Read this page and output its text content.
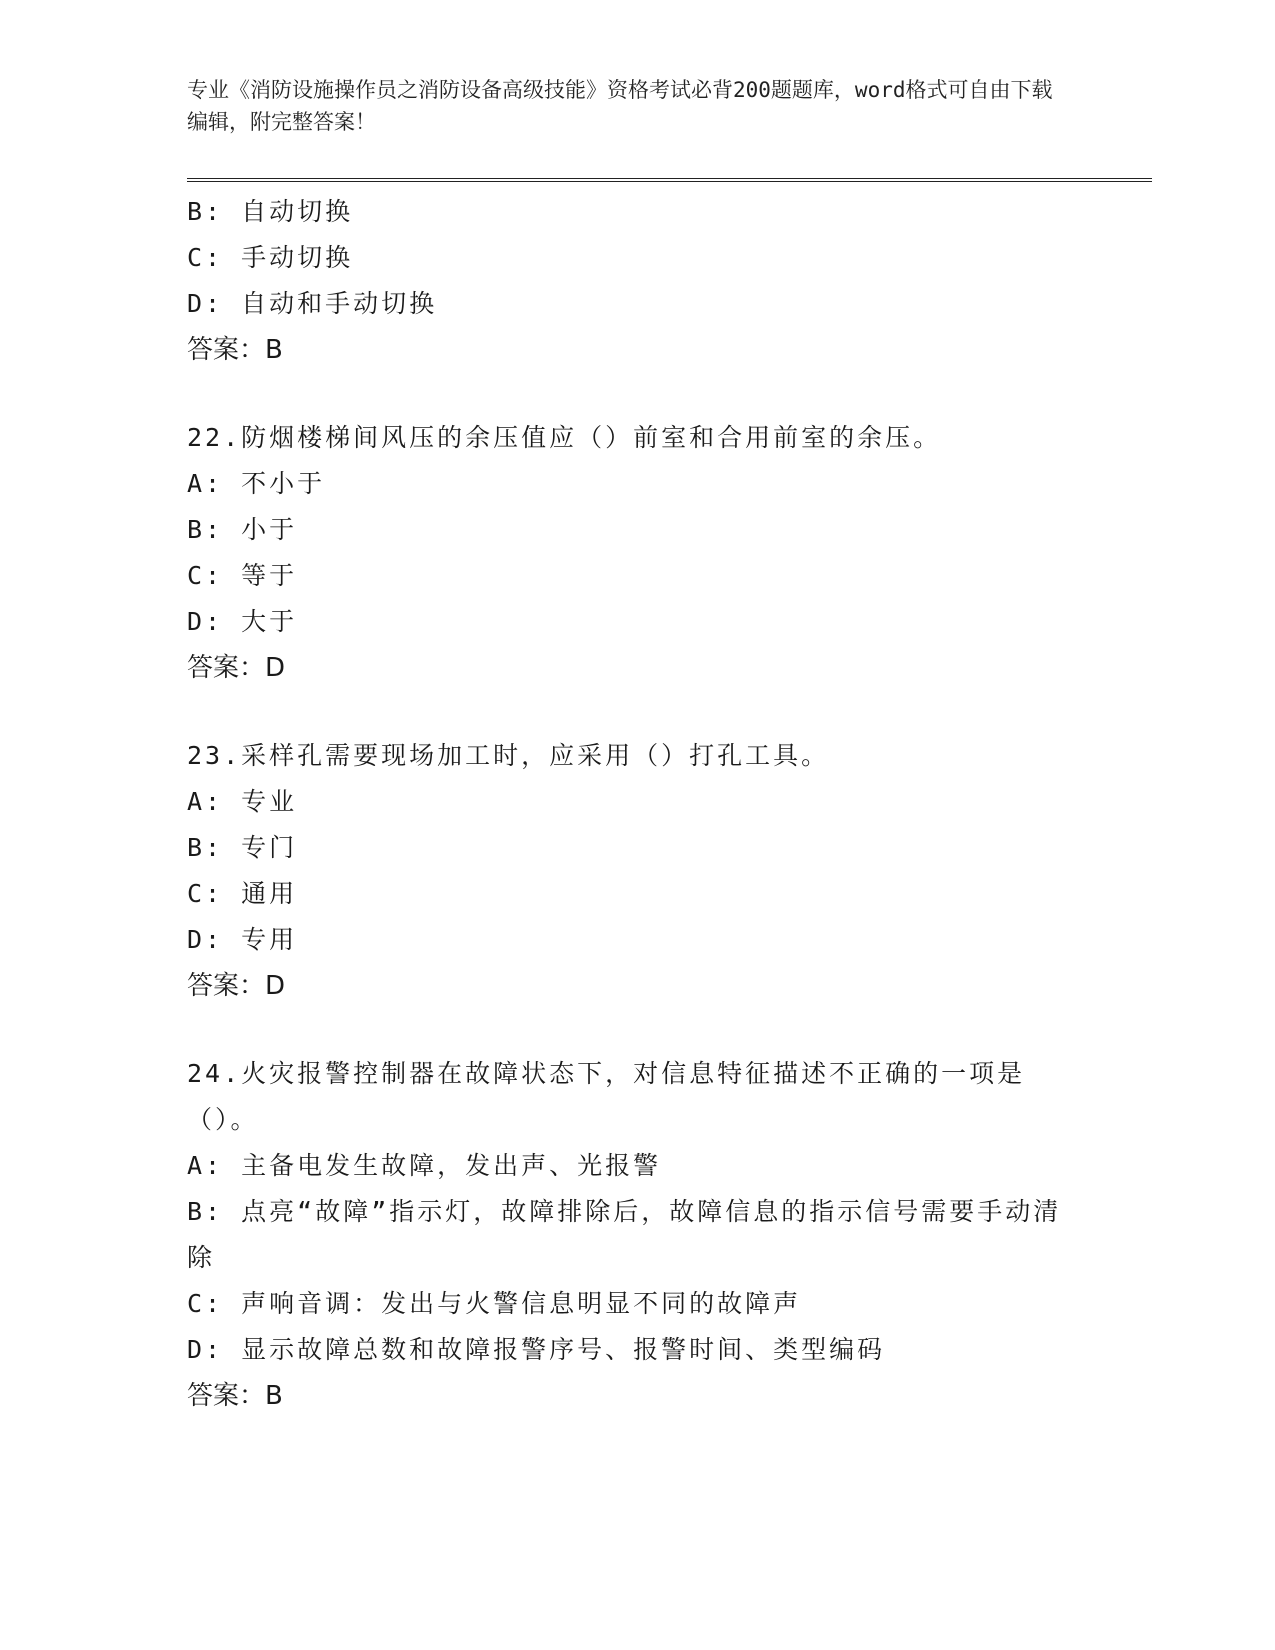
专业《消防设施操作员之消防设备高级技能》资格考试必背200题题库，word格式可自由下载编辑，附完整答案！
B: 自动切换
C: 手动切换
D: 自动和手动切换
答案：B
22.防烟楼梯间风压的余压值应（）前室和合用前室的余压。
A: 不小于
B: 小于
C: 等于
D: 大于
答案：D
23.采样孔需要现场加工时，应采用（）打孔工具。
A: 专业
B: 专门
C: 通用
D: 专用
答案：D
24.火灾报警控制器在故障状态下，对信息特征描述不正确的一项是（）。
A: 主备电发生故障，发出声、光报警
B: 点亮“故障”指示灯，故障排除后，故障信息的指示信号需要手动清除
C: 声响音调：发出与火警信息明显不同的故障声
D: 显示故障总数和故障报警序号、报警时间、类型编码
答案：B
